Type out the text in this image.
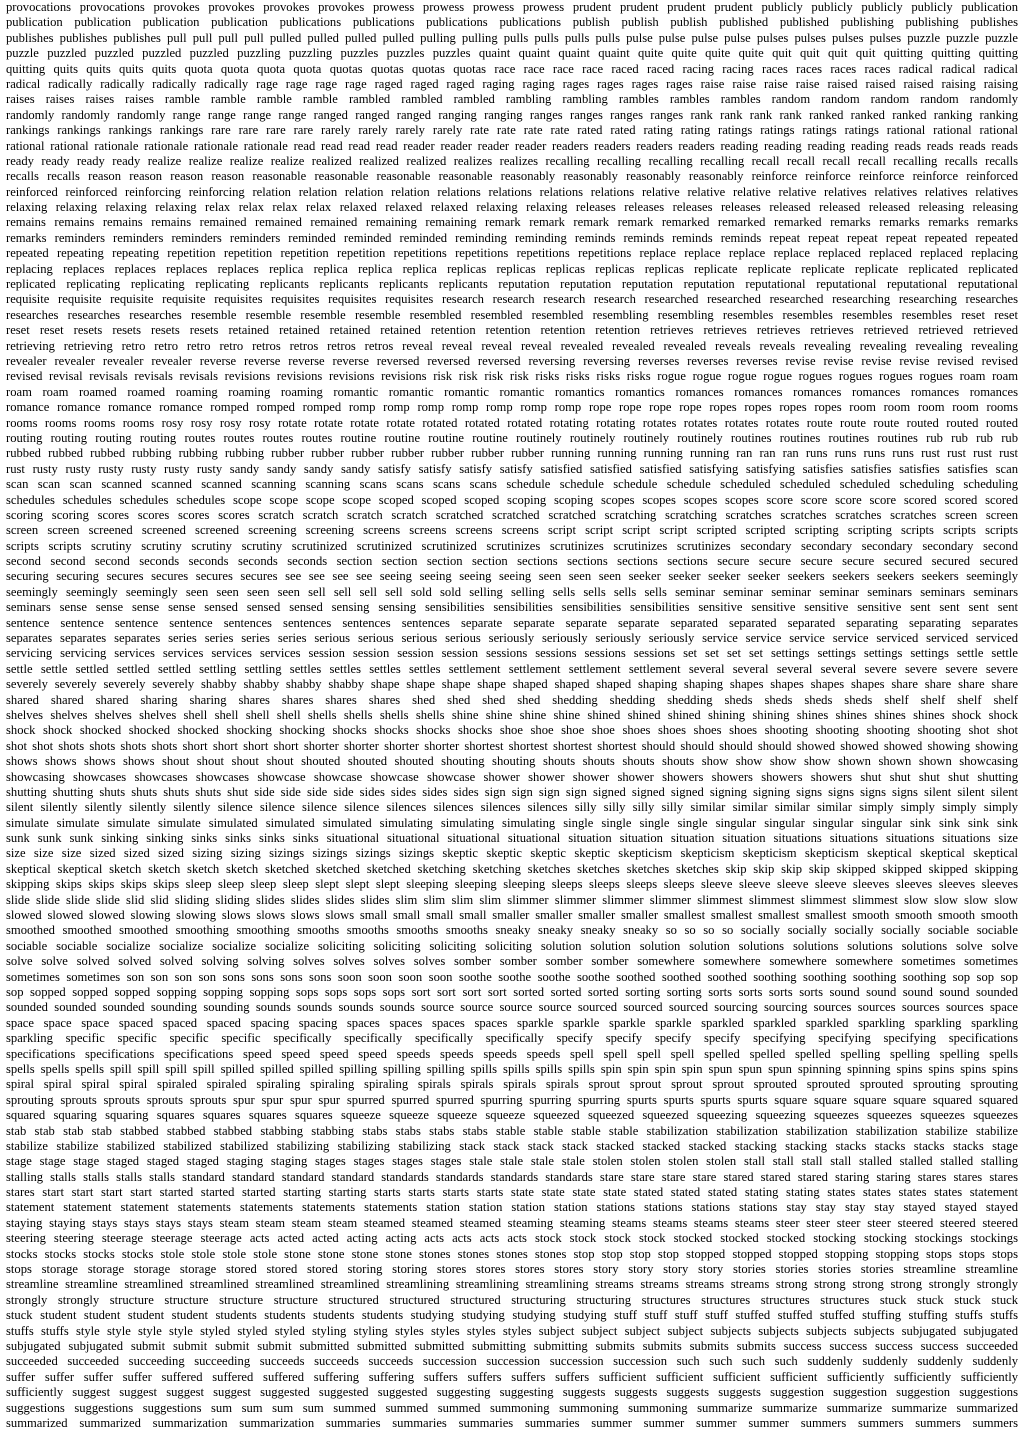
provocations provocations provokes provokes provokes provokes prowess prowess prowess prowess prudent prudent prudent prudent publicly publicly publicly publicly publication
publication publication publication publication publications publications publications publications publish publish publish published published publishing publishing publishes
publishes publishes publishes pull pull pull pull pulled pulled pulled pulled pulling pulling pulls pulls pulls pulls pulse pulse pulse pulse pulses pulses pulses pulses puzzle puzzle puzzle
puzzle puzzled puzzled puzzled puzzled puzzling puzzling puzzles puzzles puzzles quaint quaint quaint quaint quite quite quite quite quit quit quit quit quitting quitting quitting
quitting quits quits quits quits quota quota quota quota quotas quotas quotas quotas race race race race raced raced racing racing races races races races radical radical radical
radical radically radically radically radically rage rage rage rage raged raged raged raging raging rages rages rages rages raise raise raise raise raised raised raised raising raising
raises raises raises raises ramble ramble ramble ramble rambled rambled rambled rambling rambling rambles rambles rambles random random random random randomly
randomly randomly randomly range range range range ranged ranged ranged ranging ranging ranges ranges ranges ranges rank rank rank rank ranked ranked ranked ranking ranking
rankings rankings rankings rankings rare rare rare rare rarely rarely rarely rarely rate rate rate rate rated rated rating rating ratings ratings ratings ratings rational rational rational
rational rational rationale rationale rationale rationale read read read read reader reader reader reader readers readers readers readers reading reading reading reading reads reads reads reads
ready ready ready ready realize realize realize realize realized realized realized realizes realizes recalling recalling recalling recalling recall recall recall recall recalling recalls recalls
recalls recalls reason reason reason reason reasonable reasonable reasonable reasonable reasonably reasonably reasonably reasonably reinforce reinforce reinforce reinforce reinforced
reinforced reinforced reinforcing reinforcing relation relation relation relation relations relations relations relations relative relative relative relative relatives relatives relatives relatives
relaxing relaxing relaxing relaxing relax relax relax relax relaxed relaxed relaxed relaxing relaxing releases releases releases releases released released released releasing releasing
remains remains remains remains remained remained remained remaining remaining remark remark remark remark remarked remarked remarked remarks remarks remarks remarks
remarks reminders reminders reminders reminders reminded reminded reminded reminding reminding reminds reminds reminds reminds repeat repeat repeat repeat repeated repeated
repeated repeating repeating repetition repetition repetition repetition repetitions repetitions repetitions repetitions replace replace replace replace replaced replaced replaced replacing
replacing replaces replaces replaces replaces replica replica replica replica replicas replicas replicas replicas replicas replicate replicate replicate replicate replicated replicated
replicated replicating replicating replicating replicants replicants replicants replicants reputation reputation reputation reputation reputational reputational reputational reputational
requisite requisite requisite requisite requisites requisites requisites requisites research research research research researched researched researched researching researching researches
researches researches researches resemble resemble resemble resemble resembled resembled resembled resembling resembling resembles resembles resembles resembles reset reset
reset reset resets resets resets resets retained retained retained retained retention retention retention retention retrieves retrieves retrieves retrieves retrieved retrieved retrieved
retrieving retrieving retro retro retro retro retros retros retros retros reveal reveal reveal reveal revealed revealed revealed reveals reveals revealing revealing revealing revealing
revealer revealer revealer revealer reverse reverse reverse reverse reversed reversed reversed reversing reversing reverses reverses reverses revise revise revise revise revised revised
revised revisal revisals revisals revisals revisions revisions revisions revisions risk risk risk risk risks risks risks risks rogue rogue rogue rogue rogues rogues rogues rogues roam roam
roam roam roamed roamed roaming roaming roaming romantic romantic romantic romantic romantics romantics romances romances romances romances romances romances
romance romance romance romance romped romped romped romp romp romp romp romp romp romp rope rope rope rope ropes ropes ropes ropes room room room room rooms
rooms rooms rooms rooms rosy rosy rosy rosy rotate rotate rotate rotate rotated rotated rotated rotating rotating rotates rotates rotates rotates route route route routed routed routed
routing routing routing routing routes routes routes routes routine routine routine routine routinely routinely routinely routinely routines routines routines routines rub rub rub rub
rubbed rubbed rubbed rubbing rubbing rubbing rubber rubber rubber rubber rubber rubber rubber running running running running ran ran ran runs runs runs runs rust rust rust rust
rust rusty rusty rusty rusty rusty rusty sandy sandy sandy sandy satisfy satisfy satisfy satisfy satisfied satisfied satisfied satisfying satisfying satisfies satisfies satisfies satisfies scan
scan scan scan scanned scanned scanned scanning scanning scans scans scans scans schedule schedule schedule schedule scheduled scheduled scheduled scheduling scheduling
schedules schedules schedules schedules scope scope scope scope scoped scoped scoped scoping scoping scopes scopes scopes scopes score score score score scored scored scored
scoring scoring scores scores scores scores scratch scratch scratch scratch scratched scratched scratched scratching scratching scratches scratches scratches scratches screen screen
screen screen screened screened screened screening screening screens screens screens screens script script script script scripted scripted scripting scripting scripts scripts scripts
scripts scripts scrutiny scrutiny scrutiny scrutiny scrutinized scrutinized scrutinized scrutinizes scrutinizes scrutinizes scrutinizes secondary secondary secondary secondary second
second second second seconds seconds seconds seconds section section section section sections sections sections sections secure secure secure secure secured secured secured
securing securing secures secures secures secures see see see see seeing seeing seeing seeing seen seen seen seeker seeker seeker seeker seekers seekers seekers seekers seemingly
seemingly seemingly seemingly seen seen seen seen sell sell sell sell sold sold selling selling sells sells sells sells seminar seminar seminar seminar seminars seminars seminars
seminars sense sense sense sense sensed sensed sensed sensing sensing sensibilities sensibilities sensibilities sensibilities sensitive sensitive sensitive sensitive sent sent sent sent
sentence sentence sentence sentence sentences sentences sentences sentences separate separate separate separate separated separated separated separating separating separates
separates separates separates series series series series serious serious serious serious seriously seriously seriously seriously service service service service serviced serviced serviced
servicing servicing services services services services session session session session sessions sessions sessions sessions set set set set settings settings settings settings settle settle
settle settle settled settled settled settling settling settles settles settles settles settlement settlement settlement settlement several several several several severe severe severe severe
severely severely severely severely shabby shabby shabby shabby shape shape shape shape shaped shaped shaped shaping shaping shapes shapes shapes shapes share share share share
shared shared shared sharing sharing shares shares shares shares shed shed shed shed shedding shedding shedding sheds sheds sheds sheds shelf shelf shelf shelf
shelves shelves shelves shelves shell shell shell shell shells shells shells shells shine shine shine shine shined shined shined shining shining shines shines shines shines shock shock
shock shock shocked shocked shocked shocking shocking shocks shocks shocks shocks shoe shoe shoe shoe shoes shoes shoes shoes shooting shooting shooting shooting shot shot
shot shot shots shots shots shots short short short short shorter shorter shorter shorter shortest shortest shortest shortest should should should should showed showed showed showing showing
shows shows shows shows shout shout shout shout shouted shouted shouted shouting shouting shouts shouts shouts shouts show show show show shown shown shown showcasing
showcasing showcases showcases showcases showcase showcase showcase showcase shower shower shower shower showers showers showers showers shut shut shut shut shutting
shutting shutting shuts shuts shuts shuts shut side side side side sides sides sides sides sign sign sign sign signed signed signed signing signing signs signs signs signs silent silent silent
silent silently silently silently silently silence silence silence silence silences silences silences silences silly silly silly silly similar similar similar similar simply simply simply simply
simulate simulate simulate simulate simulated simulated simulated simulating simulating simulating single single single single singular singular singular singular sink sink sink sink
sunk sunk sunk sinking sinking sinks sinks sinks sinks situational situational situational situational situation situation situation situation situations situations situations situations size
size size size sized sized sized sizing sizing sizings sizings sizings sizings skeptic skeptic skeptic skeptic skepticism skepticism skepticism skepticism skeptical skeptical skeptical
skeptical skeptical sketch sketch sketch sketch sketched sketched sketched sketching sketching sketches sketches sketches sketches skip skip skip skip skipped skipped skipped skipping
skipping skips skips skips skips sleep sleep sleep sleep slept slept slept sleeping sleeping sleeping sleeps sleeps sleeps sleeps sleeve sleeve sleeve sleeve sleeves sleeves sleeves sleeves
slide slide slide slide slid slid sliding sliding slides slides slides slides slim slim slim slim slimmer slimmer slimmer slimmer slimmest slimmest slimmest slimmest slow slow slow slow
slowed slowed slowed slowing slowing slows slows slows slows small small small small smaller smaller smaller smaller smallest smallest smallest smallest smooth smooth smooth smooth
smoothed smoothed smoothed smoothing smoothing smooths smooths smooths smooths sneaky sneaky sneaky sneaky so so so so socially socially socially socially sociable sociable
sociable sociable socialize socialize socialize socialize soliciting soliciting soliciting soliciting solution solution solution solution solutions solutions solutions solutions solve solve
solve solve solved solved solved solving solving solves solves solves solves somber somber somber somber somewhere somewhere somewhere somewhere sometimes sometimes
sometimes sometimes son son son son sons sons sons sons soon soon soon soon soothe soothe soothe soothe soothed soothed soothed soothing soothing soothing soothing sop sop sop
sop sopped sopped sopped sopping sopping sopping sops sops sops sops sort sort sort sort sorted sorted sorted sorting sorting sorts sorts sorts sorts sound sound sound sound sounded
sounded sounded sounded sounding sounding sounds sounds sounds sounds source source source source sourced sourced sourced sourcing sourcing sources sources sources sources space
space space space spaced spaced spaced spacing spacing spaces spaces spaces spaces sparkle sparkle sparkle sparkle sparkled sparkled sparkled sparkling sparkling sparkling
sparkling specific specific specific specific specifically specifically specifically specifically specify specify specify specify specifying specifying specifying specifications
specifications specifications specifications speed speed speed speed speeds speeds speeds speeds spell spell spell spell spelled spelled spelled spelling spelling spelling spells
spells spells spells spill spill spill spill spilled spilled spilled spilling spilling spilling spills spills spills spills spin spin spin spin spun spun spun spinning spinning spins spins spins spins
spiral spiral spiral spiral spiraled spiraled spiraling spiraling spiraling spirals spirals spirals spirals sprout sprout sprout sprout sprouted sprouted sprouted sprouting sprouting
sprouting sprouts sprouts sprouts sprouts spur spur spur spur spurred spurred spurred spurring spurring spurring spurts spurts spurts spurts square square square square squared squared
squared squaring squaring squares squares squares squares squeeze squeeze squeeze squeeze squeezed squeezed squeezed squeezing squeezing squeezes squeezes squeezes squeezes
stab stab stab stab stabbed stabbed stabbed stabbing stabbing stabs stabs stabs stabs stable stable stable stable stabilization stabilization stabilization stabilization stabilize stabilize
stabilize stabilize stabilized stabilized stabilized stabilizing stabilizing stabilizing stack stack stack stack stacked stacked stacked stacking stacking stacks stacks stacks stacks stage
stage stage stage staged staged staged staging staging stages stages stages stages stale stale stale stale stolen stolen stolen stolen stall stall stall stall stalled stalled stalled stalling
stalling stalls stalls stalls stalls standard standard standard standard standards standards standards standards stare stare stare stare stared stared stared staring staring stares stares stares
stares start start start start started started started starting starting starts starts starts starts state state state state stated stated stated stating stating states states states states statement
statement statement statement statements statements statements statements station station station station stations stations stations stations stay stay stay stay stayed stayed stayed
staying staying stays stays stays stays steam steam steam steam steamed steamed steamed steaming steaming steams steams steams steams steer steer steer steer steered steered steered
steering steering steerage steerage steerage acts acted acted acting acting acts acts acts acts stock stock stock stock stocked stocked stocked stocking stocking stockings stockings
stocks stocks stocks stocks stole stole stole stole stone stone stone stone stones stones stones stones stop stop stop stop stopped stopped stopped stopping stopping stops stops stops
stops storage storage storage storage stored stored stored storing storing stores stores stores stores story story story story stories stories stories stories streamline streamline
streamline streamline streamlined streamlined streamlined streamlined streamlining streamlining streamlining streams streams streams streams strong strong strong strong strongly strongly
strongly strongly structure structure structure structure structured structured structured structuring structuring structures structures structures structures stuck stuck stuck stuck
stuck student student student student students students students students studying studying studying studying stuff stuff stuff stuff stuffed stuffed stuffed stuffing stuffing stuffs stuffs
stuffs stuffs style style style style styled styled styled styling styling styles styles styles styles subject subject subject subject subjects subjects subjects subjects subjugated subjugated
subjugated subjugated submit submit submit submit submitted submitted submitted submitting submitting submits submits submits submits success success success success succeeded
succeeded succeeded succeeding succeeding succeeds succeeds succeeds succession succession succession succession such such such such suddenly suddenly suddenly suddenly
suffer suffer suffer suffer suffered suffered suffered suffering suffering suffers suffers suffers suffers sufficient sufficient sufficient sufficient sufficiently sufficiently sufficiently
sufficiently suggest suggest suggest suggest suggested suggested suggested suggesting suggesting suggests suggests suggests suggests suggestion suggestion suggestion suggestions
suggestions suggestions suggestions sum sum sum sum summed summed summed summoning summoning summoning summarize summarize summarize summarize summarized
summarized summarized summarization summarization summaries summaries summaries summaries summer summer summer summer summers summers summers summers
